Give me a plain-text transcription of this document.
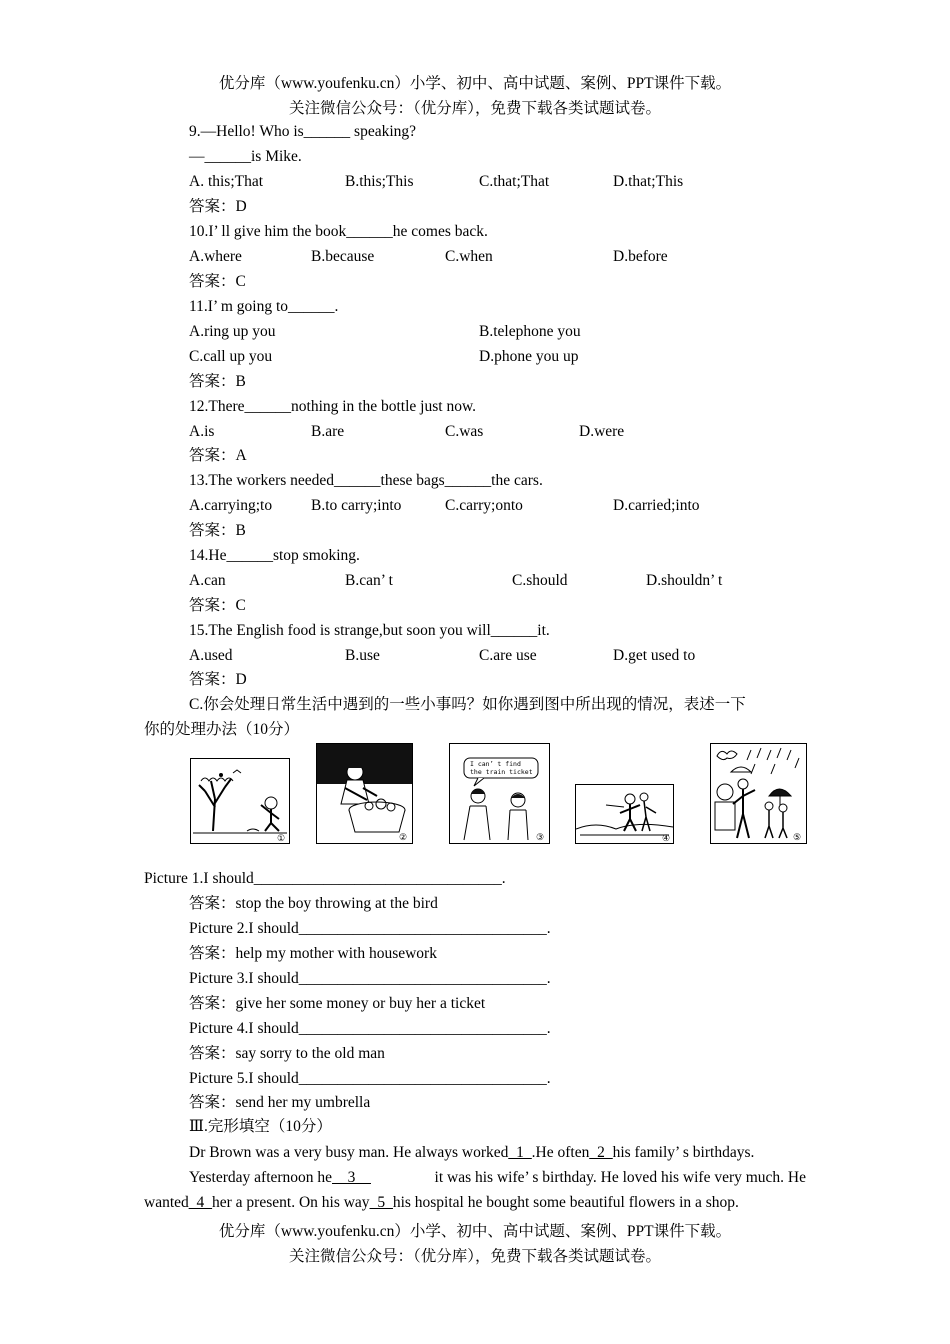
优分库（www.youfenku.cn）小学、初中、高中试题、案例、PPT课件下载。
关注微信公众号：（优分库），免费下载各类试题试卷。
9.—Hello! Who is______ speaking?
—______is Mike.
A. this;That	B.this;This	C.that;That	D.that;This
答案：D
10.I’ ll give him the book______he comes back.
A.where	B.because	C.when	D.before
答案：C
11.I’ m going to______.
A.ring up you	B.telephone you
C.call up you	D.phone you up
答案：B
12.There______nothing in the bottle just now.
A.is	B.are	C.was	D.were
答案：A
13.The workers needed______these bags______the cars.
A.carrying;to	B.to carry;into	C.carry;onto	D.carried;into
答案：B
14.He______stop smoking.
A.can	B.can’ t	C.should	D.shouldn’ t
答案：C
15.The English food is strange,but soon you will______it.
A.used	B.use	C.are use	D.get used to
答案：D
C.你会处理日常生活中遇到的一些小事吗？如你遇到图中所出现的情况，表述一下
你的处理办法（10分）
①	②
I can’ t find
the train ticket
③	④	⑤
Picture 1.I should________________________________.
答案：stop the boy throwing at the bird
Picture 2.I should________________________________.
答案：help my mother with housework
Picture 3.I should________________________________.
答案：give her some money or buy her a ticket
Picture 4.I should________________________________.
答案：say sorry to the old man
Picture 5.I should________________________________.
答案：send her my umbrella
Ⅲ.完形填空（10分）
Dr Brown was a very busy man. He always worked_1_.He often_2_his family’ s birthdays.
Yesterday afternoon he__3__	it was his wife’ s birthday. He loved his wife very much. He
wanted_4_her a present. On his way_5_his hospital he bought some beautiful flowers in a shop.
优分库（www.youfenku.cn）小学、初中、高中试题、案例、PPT课件下载。
关注微信公众号：（优分库），免费下载各类试题试卷。
